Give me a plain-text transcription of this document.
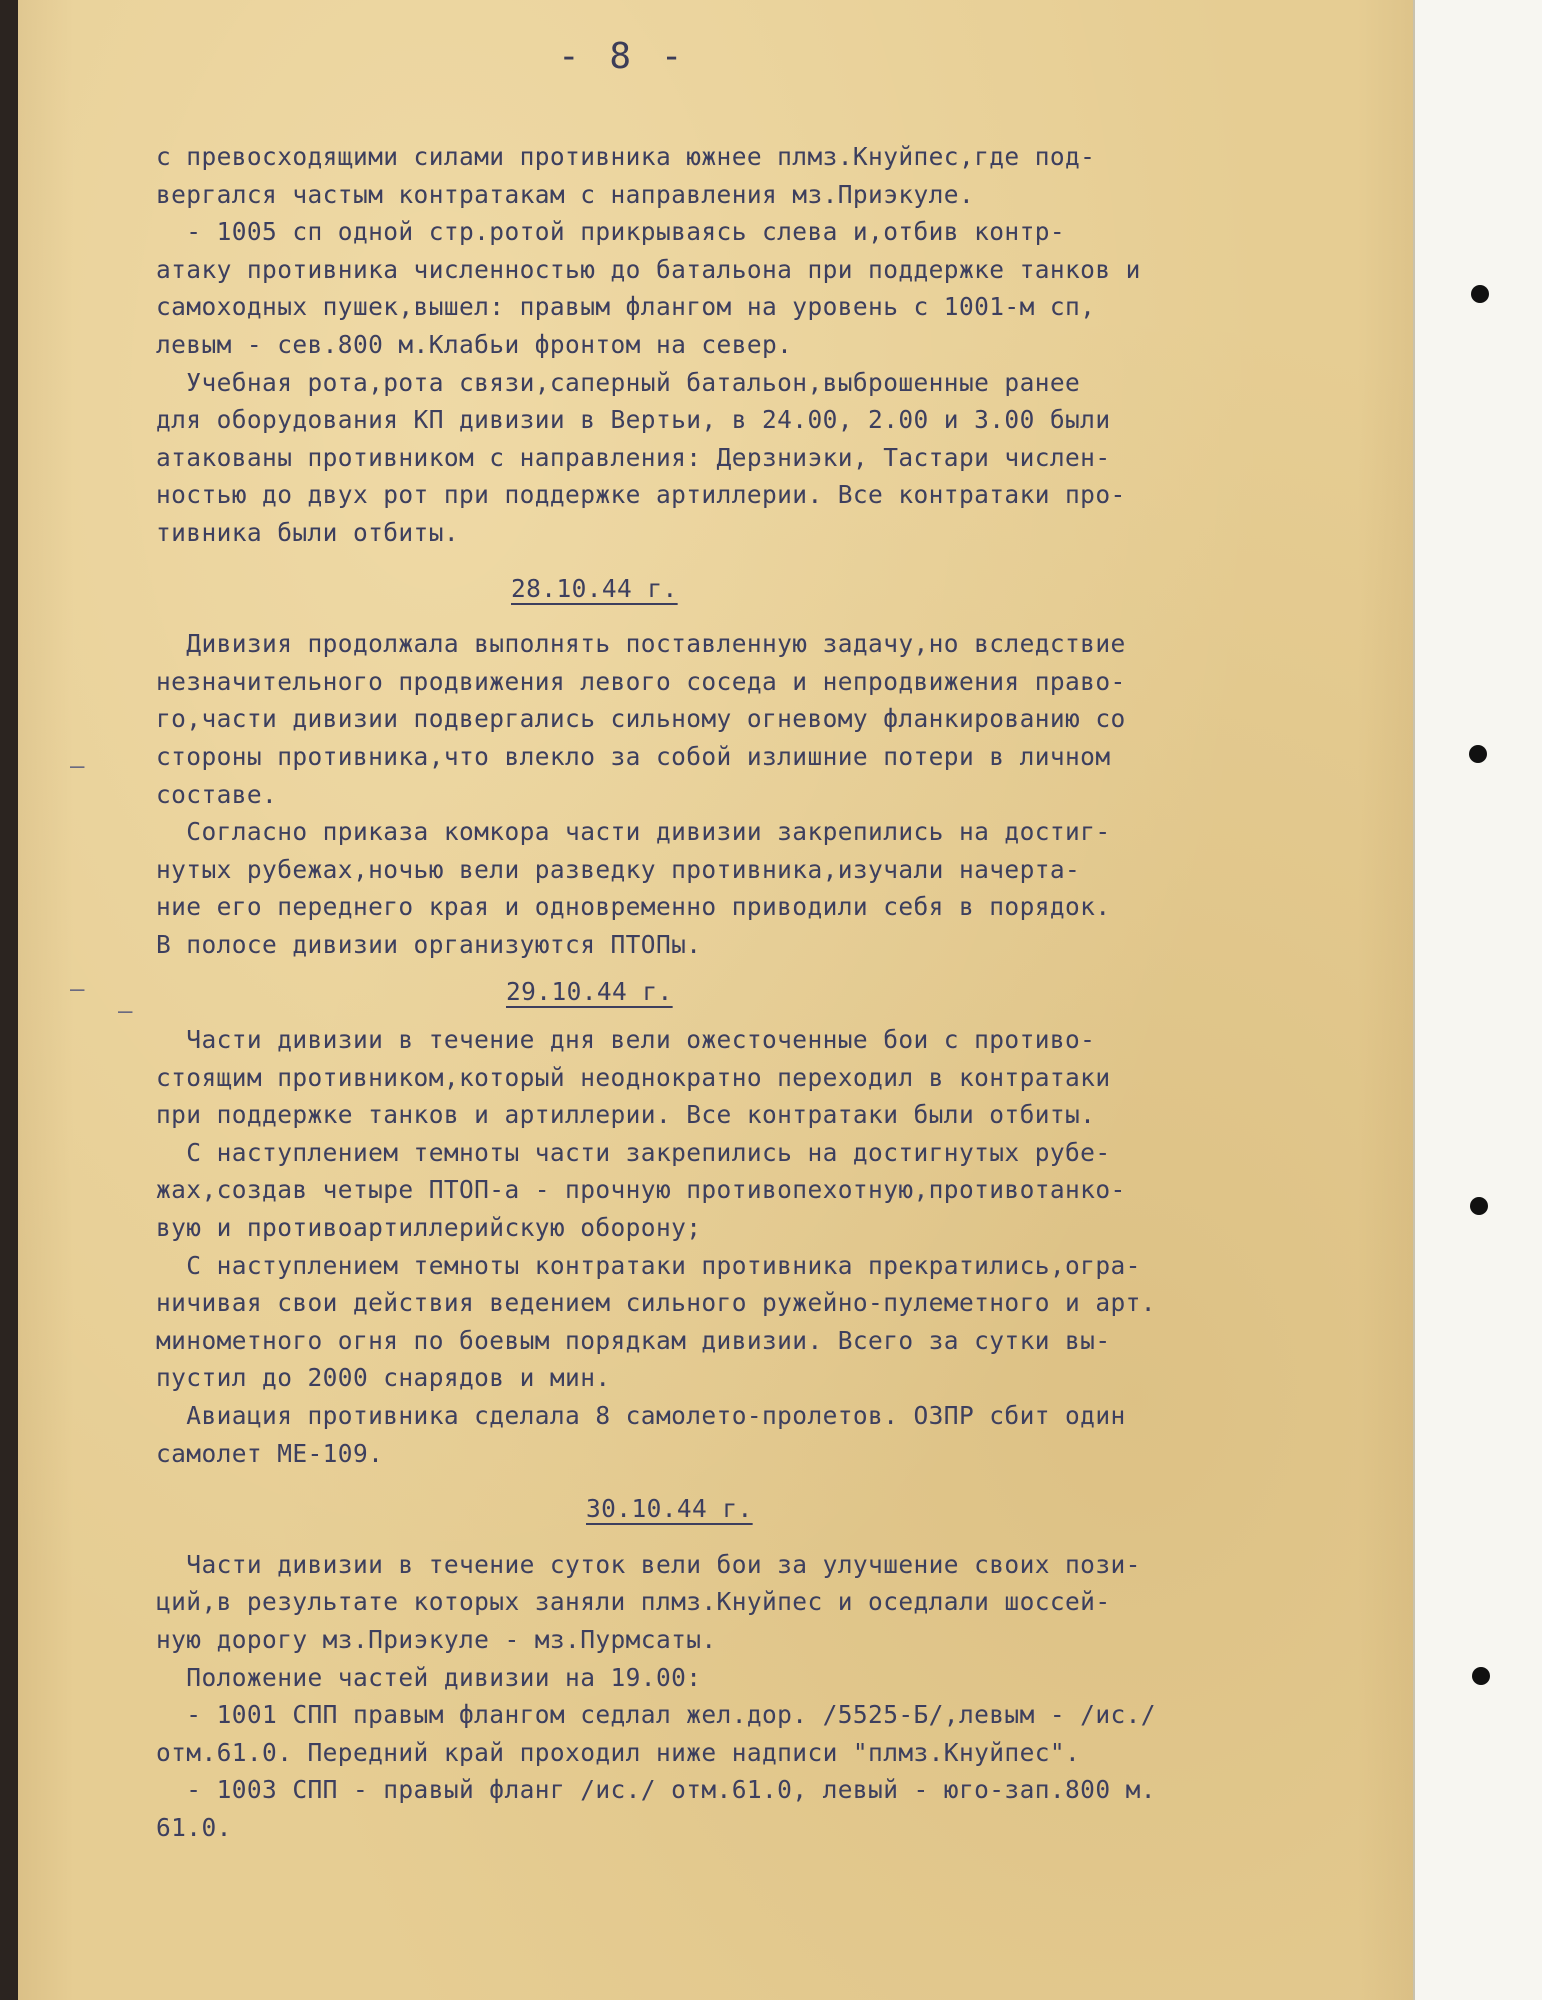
- 8 -
–
–
–
с превосходящими силами противника южнее плмз.Кнуйпес,где под-
вергался частым контратакам с направления мз.Приэкуле.
- 1005 сп одной стр.ротой прикрываясь слева и,отбив контр-
атаку противника численностью до батальона при поддержке танков и
самоходных пушек,вышел: правым флангом на уровень с 1001-м сп,
левым - сев.800 м.Клабьи фронтом на север.
Учебная рота,рота связи,саперный батальон,выброшенные ранее
для оборудования КП дивизии в Вертьи, в 24.00, 2.00 и 3.00 были
атакованы противником с направления: Дерзниэки, Тастари числен-
ностью до двух рот при поддержке артиллерии. Все контратаки про-
тивника были отбиты.
28.10.44 г.
Дивизия продолжала выполнять поставленную задачу,но вследствие
незначительного продвижения левого соседа и непродвижения право-
го,части дивизии подвергались сильному огневому фланкированию со
стороны противника,что влекло за собой излишние потери в личном
составе.
Согласно приказа комкора части дивизии закрепились на достиг-
нутых рубежах,ночью вели разведку противника,изучали начерта-
ние его переднего края и одновременно приводили себя в порядок.
В полосе дивизии организуются ПТОПы.
29.10.44 г.
Части дивизии в течение дня вели ожесточенные бои с противо-
стоящим противником,который неоднократно переходил в контратаки
при поддержке танков и артиллерии. Все контратаки были отбиты.
С наступлением темноты части закрепились на достигнутых рубе-
жах,создав четыре ПТОП-а - прочную противопехотную,противотанко-
вую и противоартиллерийскую оборону;
С наступлением темноты контратаки противника прекратились,огра-
ничивая свои действия ведением сильного ружейно-пулеметного и арт.
минометного огня по боевым порядкам дивизии. Всего за сутки вы-
пустил до 2000 снарядов и мин.
Авиация противника сделала 8 самолето-пролетов. ОЗПР сбит один
самолет МЕ-109.
30.10.44 г.
Части дивизии в течение суток вели бои за улучшение своих пози-
ций,в результате которых заняли плмз.Кнуйпес и оседлали шоссей-
ную дорогу мз.Приэкуле - мз.Пурмсаты.
Положение частей дивизии на 19.00:
- 1001 СПП правым флангом седлал жел.дор. /5525-Б/,левым - /ис./
отм.61.0. Передний край проходил ниже надписи "плмз.Кнуйпес".
- 1003 СПП - правый фланг /ис./ отм.61.0, левый - юго-зап.800 м.
61.0.
